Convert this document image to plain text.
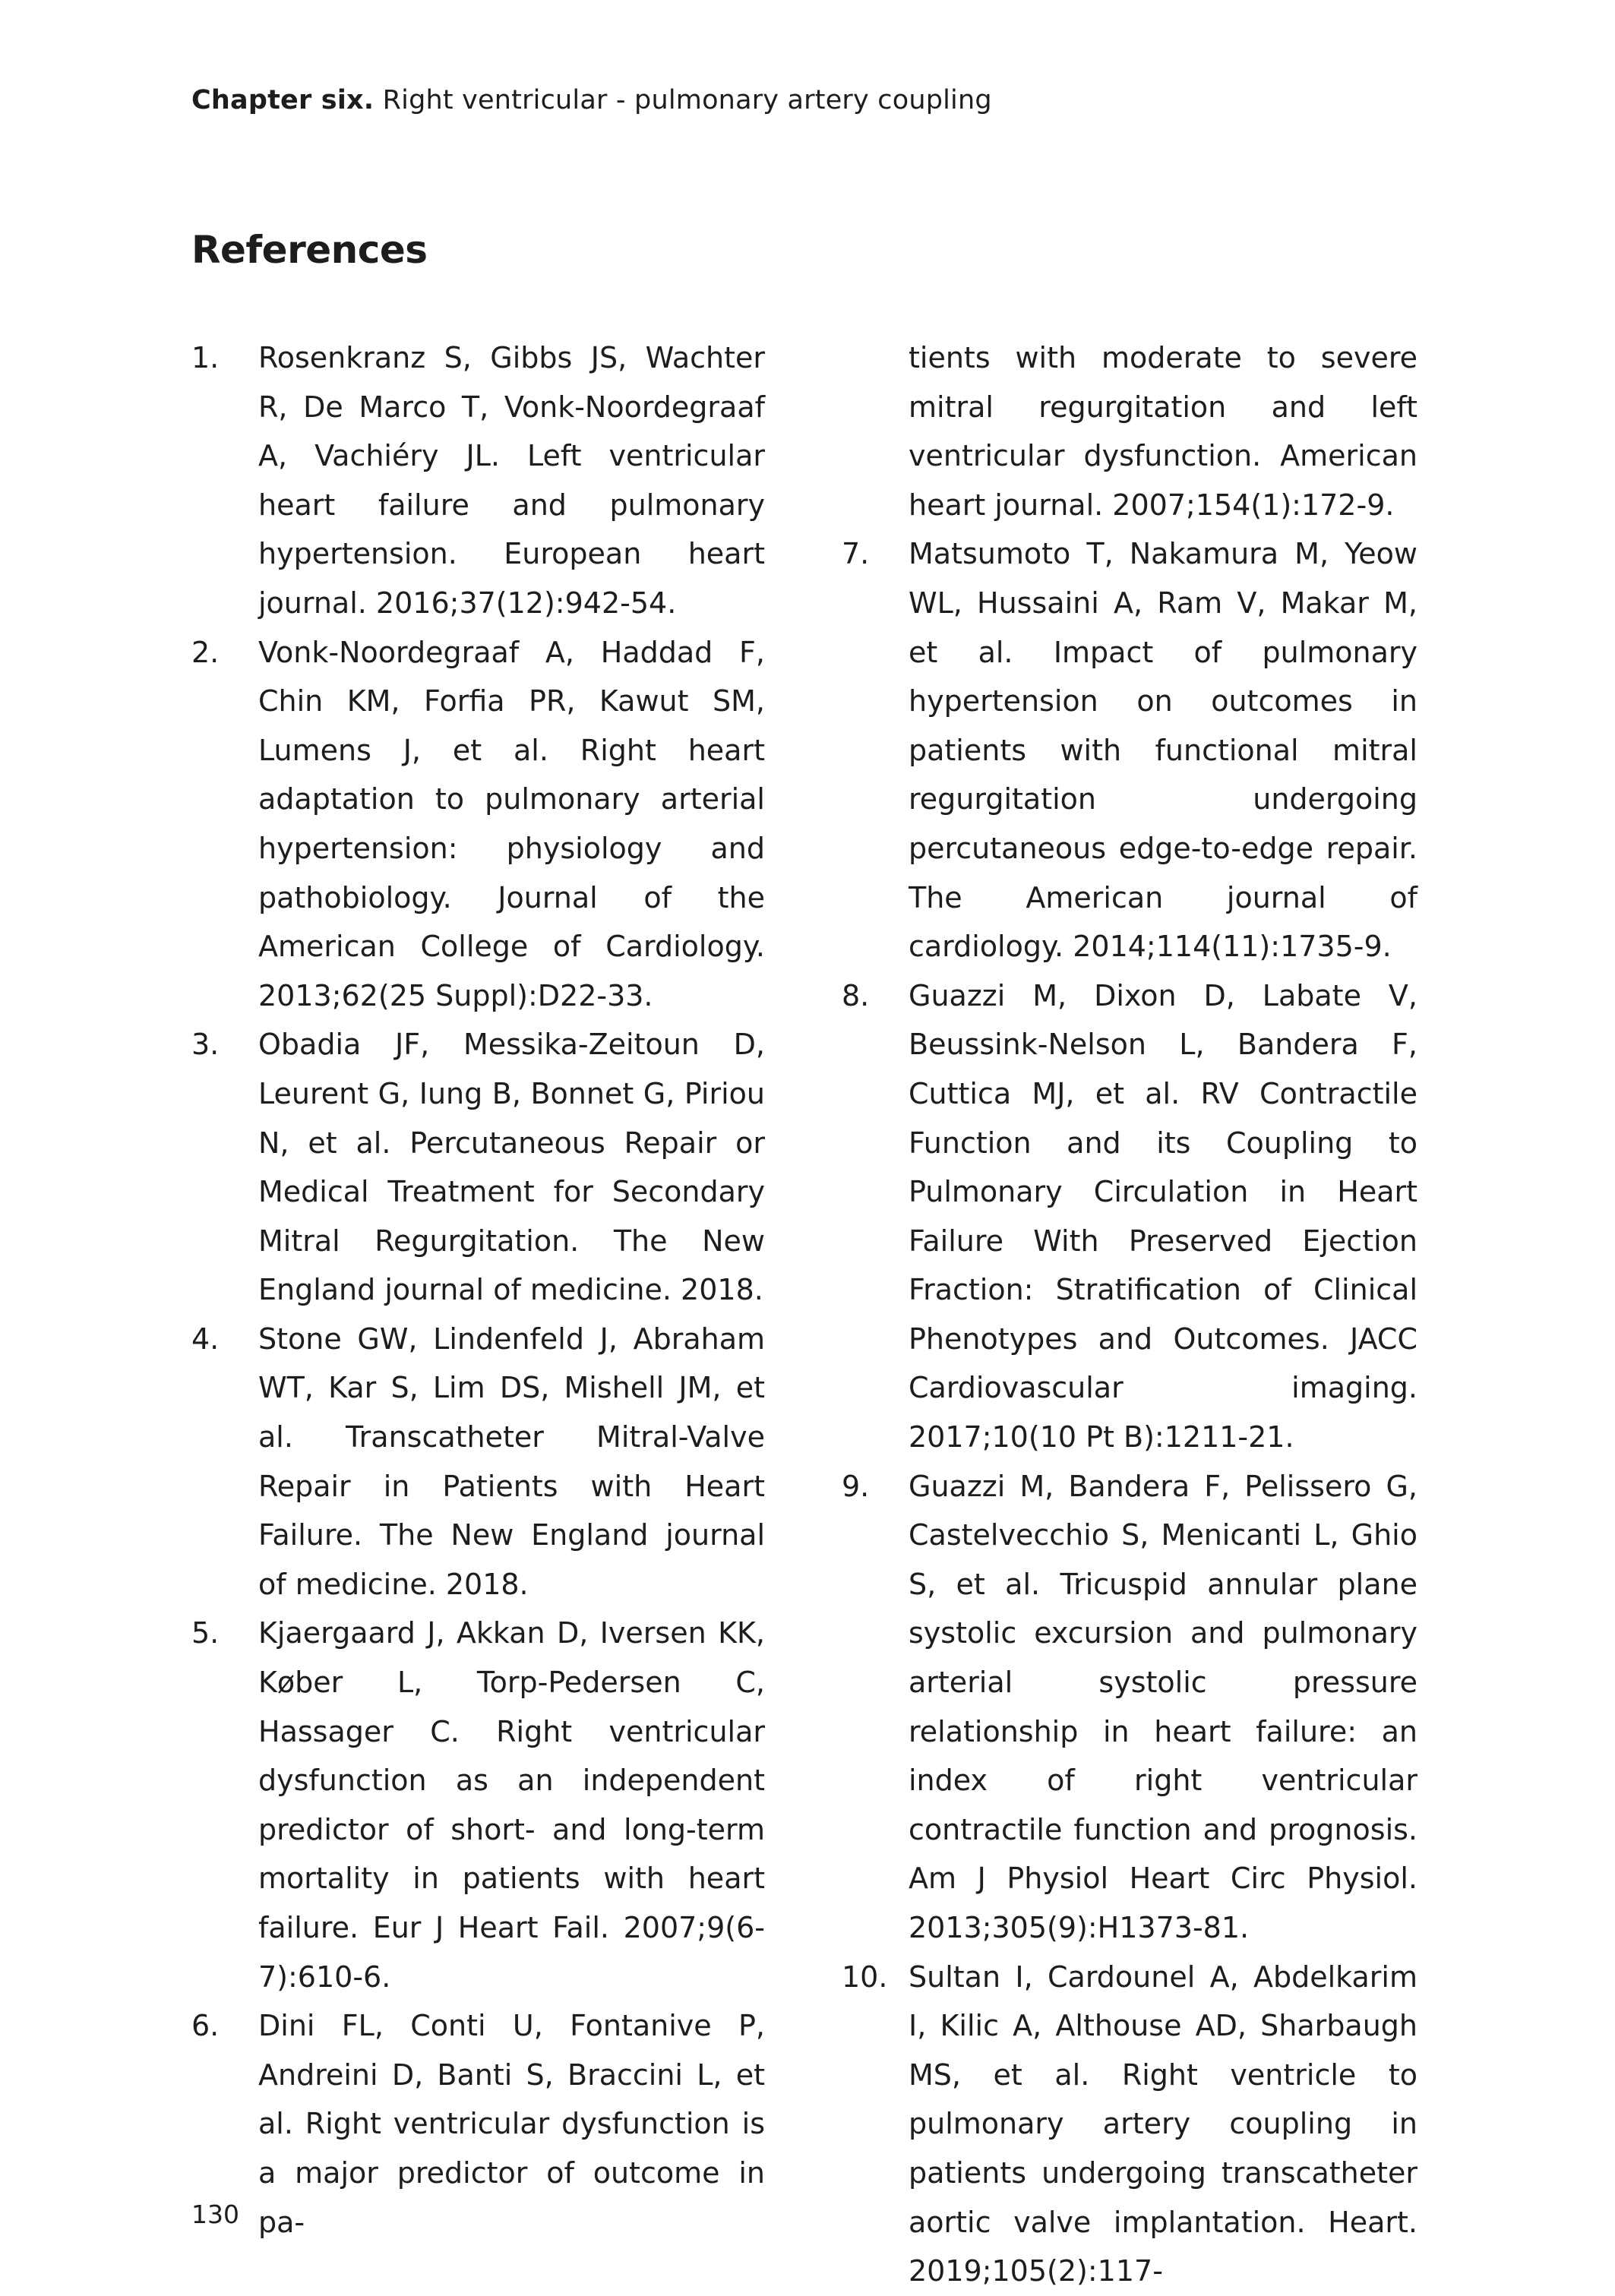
Chapter six. Right ventricular - pulmonary artery coupling
References
1. Rosenkranz S, Gibbs JS, Wachter R, De Marco T, Vonk-Noordegraaf A, Vachiéry JL. Left ventricular heart failure and pulmonary hypertension. European heart journal. 2016;37(12):942-54.
2. Vonk-Noordegraaf A, Haddad F, Chin KM, Forfia PR, Kawut SM, Lumens J, et al. Right heart adaptation to pulmonary arterial hypertension: physiology and pathobiology. Journal of the American College of Cardiology. 2013;62(25 Suppl):D22-33.
3. Obadia JF, Messika-Zeitoun D, Leurent G, Iung B, Bonnet G, Piriou N, et al. Percutaneous Repair or Medical Treatment for Secondary Mitral Regurgitation. The New England journal of medicine. 2018.
4. Stone GW, Lindenfeld J, Abraham WT, Kar S, Lim DS, Mishell JM, et al. Transcatheter Mitral-Valve Repair in Patients with Heart Failure. The New England journal of medicine. 2018.
5. Kjaergaard J, Akkan D, Iversen KK, Køber L, Torp-Pedersen C, Hassager C. Right ventricular dysfunction as an independent predictor of short- and long-term mortality in patients with heart failure. Eur J Heart Fail. 2007;9(6-7):610-6.
6. Dini FL, Conti U, Fontanive P, Andreini D, Banti S, Braccini L, et al. Right ventricular dysfunction is a major predictor of outcome in pa-
tients with moderate to severe mitral regurgitation and left ventricular dysfunction. American heart journal. 2007;154(1):172-9.
7. Matsumoto T, Nakamura M, Yeow WL, Hussaini A, Ram V, Makar M, et al. Impact of pulmonary hypertension on outcomes in patients with functional mitral regurgitation undergoing percutaneous edge-to-edge repair. The American journal of cardiology. 2014;114(11):1735-9.
8. Guazzi M, Dixon D, Labate V, Beussink-Nelson L, Bandera F, Cuttica MJ, et al. RV Contractile Function and its Coupling to Pulmonary Circulation in Heart Failure With Preserved Ejection Fraction: Stratification of Clinical Phenotypes and Outcomes. JACC Cardiovascular imaging. 2017;10(10 Pt B):1211-21.
9. Guazzi M, Bandera F, Pelissero G, Castelvecchio S, Menicanti L, Ghio S, et al. Tricuspid annular plane systolic excursion and pulmonary arterial systolic pressure relationship in heart failure: an index of right ventricular contractile function and prognosis. Am J Physiol Heart Circ Physiol. 2013;305(9):H1373-81.
10. Sultan I, Cardounel A, Abdelkarim I, Kilic A, Althouse AD, Sharbaugh MS, et al. Right ventricle to pulmonary artery coupling in patients undergoing transcatheter aortic valve implantation. Heart. 2019;105(2):117-
130
